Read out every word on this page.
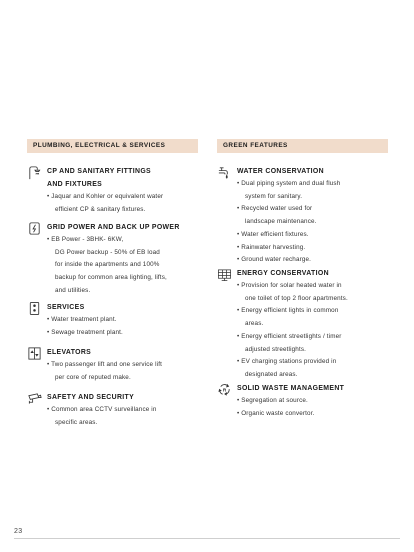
PLUMBING, ELECTRICAL & SERVICES
CP AND SANITARY FITTINGS
AND FIXTURES
• Jaquar and Kohler or equivalent water
efficient CP & sanitary fixtures.
GRID POWER AND BACK UP POWER
• EB Power - 3BHK- 6KW,
DG Power backup - 50% of EB load
for inside the apartments and 100%
backup for common area lighting, lifts,
and utilities.
SERVICES
• Water treatment plant.
• Sewage treatment plant.
ELEVATORS
• Two passenger lift and one service lift
per core of reputed make.
SAFETY AND SECURITY
• Common area CCTV surveillance in
specific areas.
GREEN FEATURES
WATER CONSERVATION
• Dual piping system and dual flush
system for sanitary.
• Recycled water used for
landscape maintenance.
• Water efficient fixtures.
• Rainwater harvesting.
• Ground water recharge.
ENERGY CONSERVATION
• Provision for solar heated water in
one toilet of top 2 floor apartments.
• Energy efficient lights in common
areas.
• Energy efficient streetlights / timer
adjusted streetlights.
• EV charging stations provided in
designated areas.
R SOLID WASTE MANAGEMENT
• Segregation at source.
• Organic waste convertor.
23
